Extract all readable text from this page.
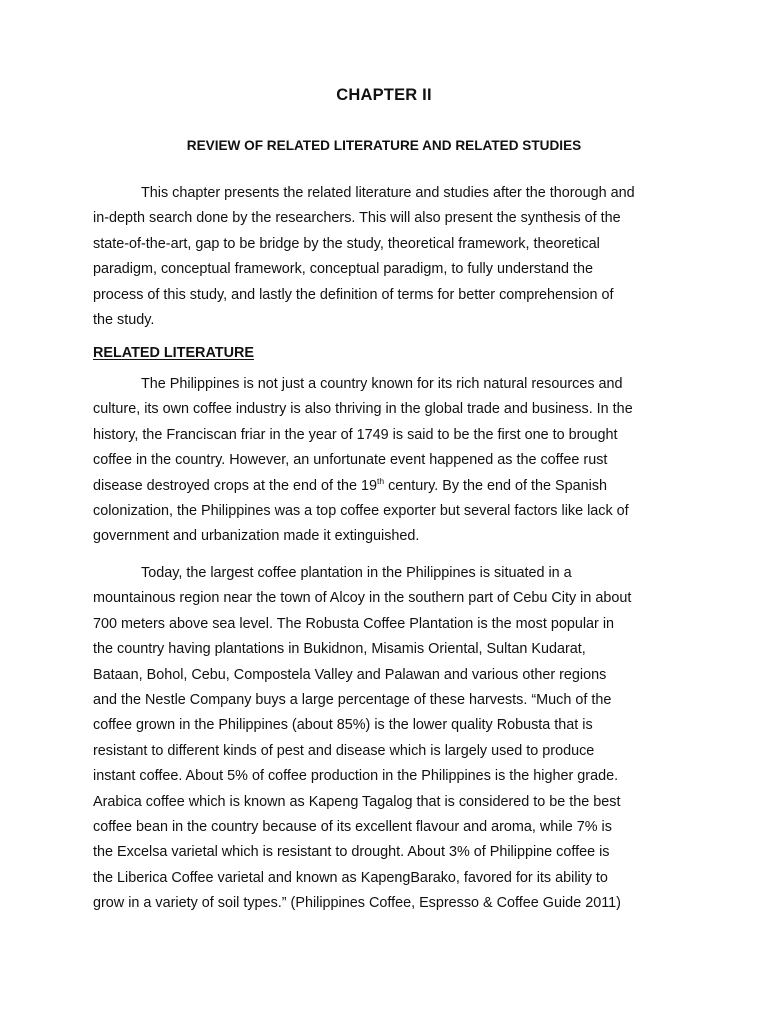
CHAPTER II
REVIEW OF RELATED LITERATURE AND RELATED STUDIES
This chapter presents the related literature and studies after the thorough and
in-depth search done by the researchers. This will also present the synthesis of the
state-of-the-art, gap to be bridge by the study, theoretical framework, theoretical
paradigm, conceptual framework, conceptual paradigm, to fully understand the
process of this study, and lastly the definition of terms for better comprehension of
the study.
RELATED LITERATURE
The Philippines is not just a country known for its rich natural resources and
culture, its own coffee industry is also thriving in the global trade and business. In the
history, the Franciscan friar in the year of 1749 is said to be the first one to brought
coffee in the country. However, an unfortunate event happened as the coffee rust
disease destroyed crops at the end of the 19th century. By the end of the Spanish
colonization, the Philippines was a top coffee exporter but several factors like lack of
government and urbanization made it extinguished.
Today, the largest coffee plantation in the Philippines is situated in a
mountainous region near the town of Alcoy in the southern part of Cebu City in about
700 meters above sea level. The Robusta Coffee Plantation is the most popular in
the country having plantations in Bukidnon, Misamis Oriental, Sultan Kudarat,
Bataan, Bohol, Cebu, Compostela Valley and Palawan and various other regions
and the Nestle Company buys a large percentage of these harvests. “Much of the
coffee grown in the Philippines (about 85%) is the lower quality Robusta that is
resistant to different kinds of pest and disease which is largely used to produce
instant coffee. About 5% of coffee production in the Philippines is the higher grade.
Arabica coffee which is known as Kapeng Tagalog that is considered to be the best
coffee bean in the country because of its excellent flavour and aroma, while 7% is
the Excelsa varietal which is resistant to drought. About 3% of Philippine coffee is
the Liberica Coffee varietal and known as KapengBarako, favored for its ability to
grow in a variety of soil types.” (Philippines Coffee, Espresso & Coffee Guide 2011)
